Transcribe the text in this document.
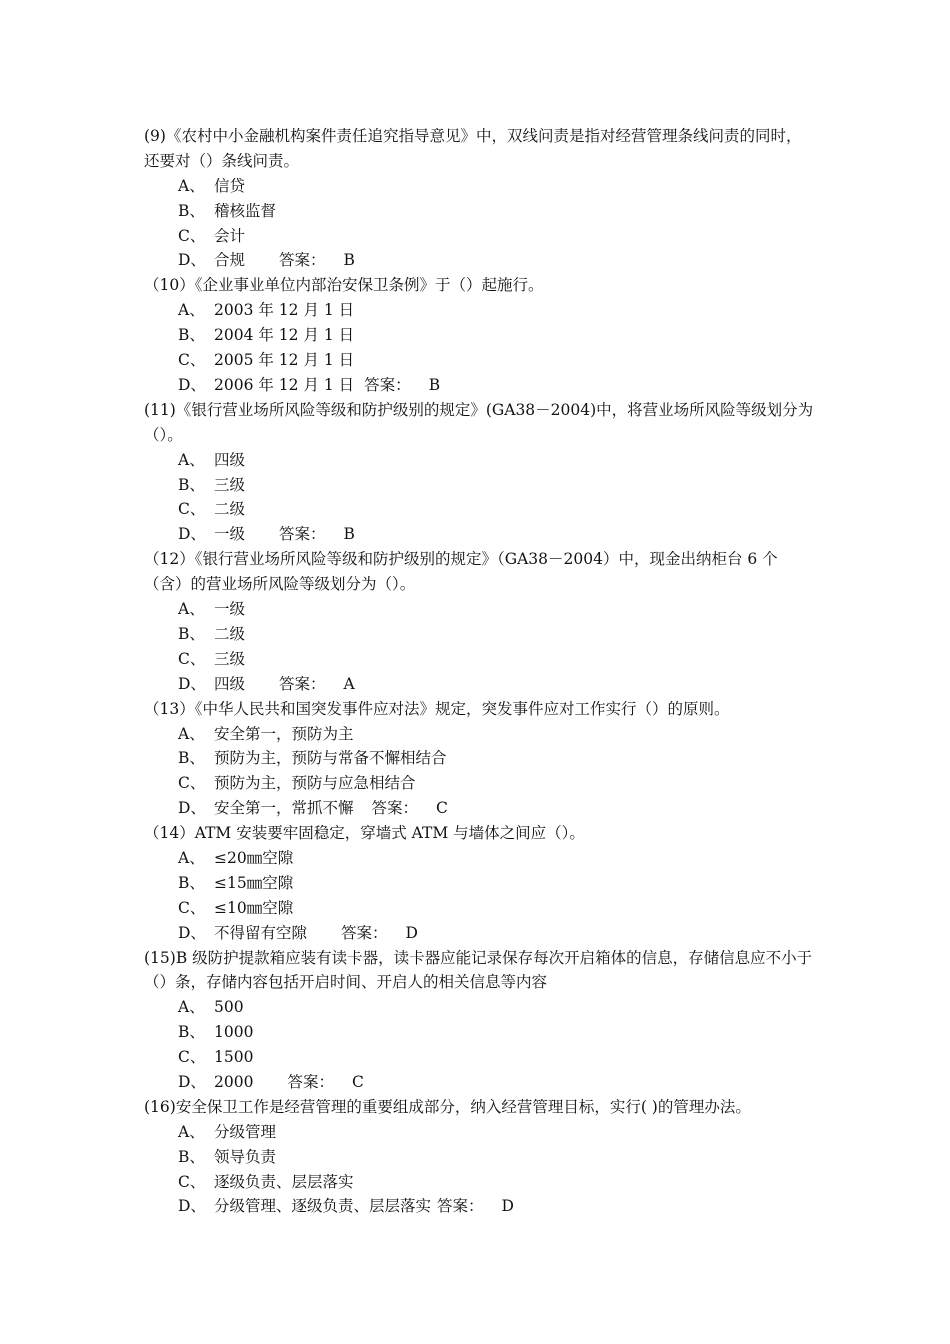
(9)《农村中小金融机构案件责任追究指导意见》中，双线问责是指对经营管理条线问责的同时，还要对（）条线问责。
A、 信贷
B、 稽核监督
C、 会计
D、 合规 答案： B
（10）《企业事业单位内部治安保卫条例》于（）起施行。
A、 2003 年 12 月 1 日
B、 2004 年 12 月 1 日
C、 2005 年 12 月 1 日
D、 2006 年 12 月 1 日 答案： B
(11)《银行营业场所风险等级和防护级别的规定》(GA38－2004)中，将营业场所风险等级划分为（）。
A、 四级
B、 三级
C、 二级
D、 一级 答案： B
（12）《银行营业场所风险等级和防护级别的规定》（GA38－2004）中，现金出纳柜台 6 个（含）的营业场所风险等级划分为（）。
A、 一级
B、 二级
C、 三级
D、 四级 答案： A
（13）《中华人民共和国突发事件应对法》规定，突发事件应对工作实行（）的原则。
A、 安全第一，预防为主
B、 预防为主，预防与常备不懈相结合
C、 预防为主，预防与应急相结合
D、 安全第一，常抓不懈 答案： C
（14）ATM 安装要牢固稳定，穿墙式 ATM 与墙体之间应（）。
A、 ≤20㎜空隙
B、 ≤15㎜空隙
C、 ≤10㎜空隙
D、 不得留有空隙 答案： D
(15)B 级防护提款箱应装有读卡器，读卡器应能记录保存每次开启箱体的信息，存储信息应不小于（）条，存储内容包括开启时间、开启人的相关信息等内容
A、 500
B、 1000
C、 1500
D、 2000 答案： C
(16)安全保卫工作是经营管理的重要组成部分，纳入经营管理目标，实行( )的管理办法。
A、 分级管理
B、 领导负责
C、 逐级负责、层层落实
D、 分级管理、逐级负责、层层落实 答案： D
